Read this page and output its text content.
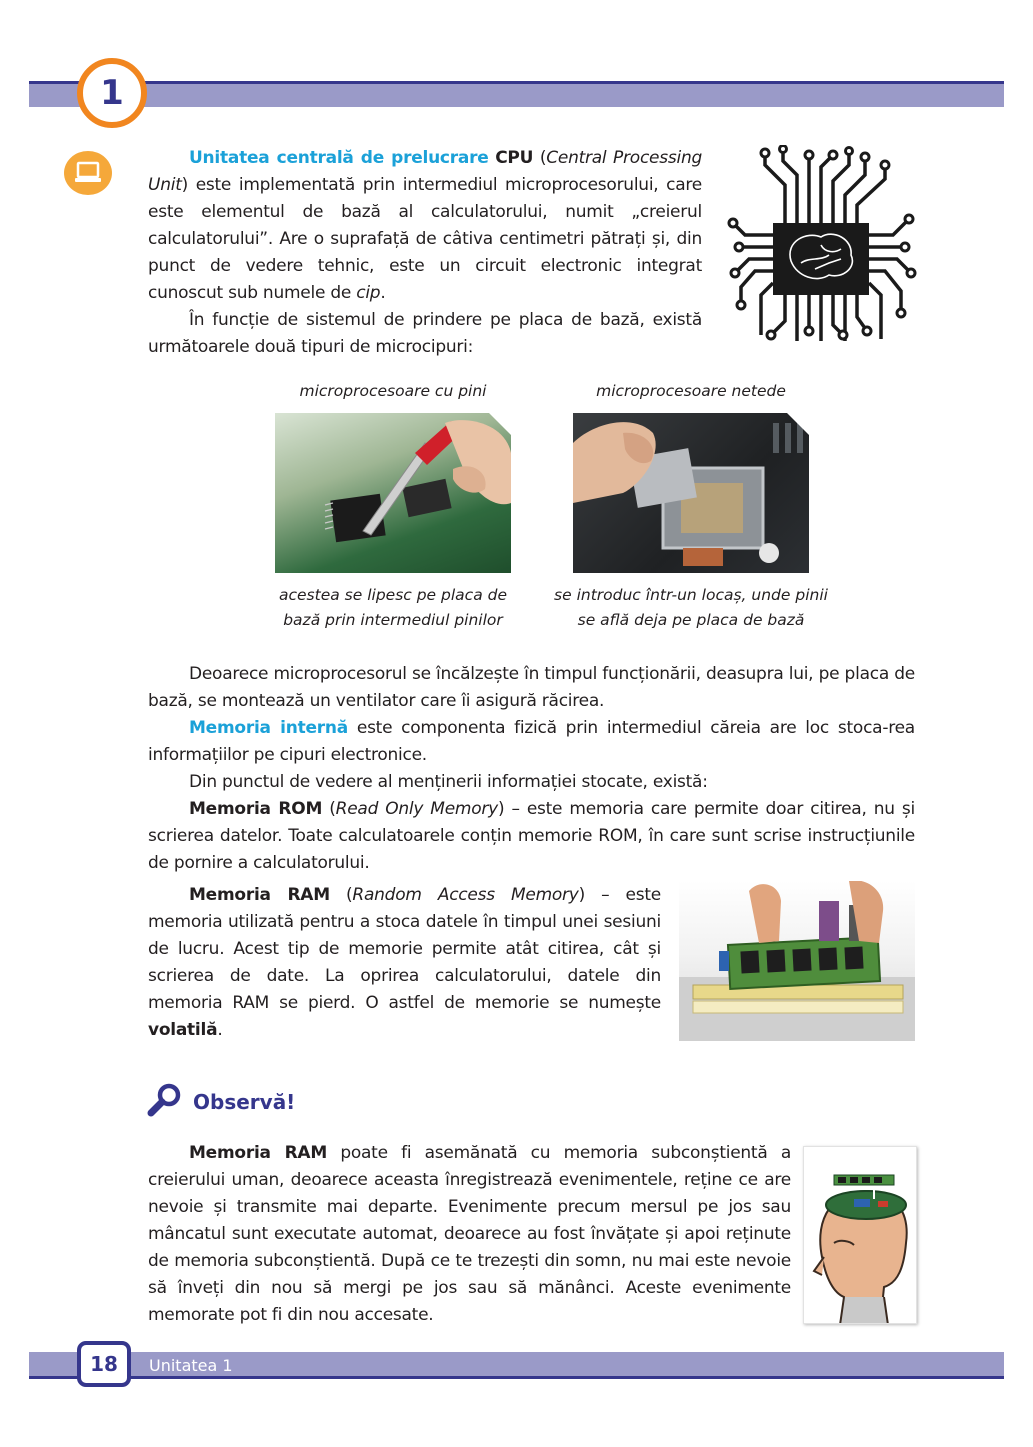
1
Unitatea centrală de prelucrare CPU (Central Processing Unit) este implementată prin intermediul microprocesorului, care este elementul de bază al calculatorului, numit „creierul calculatorului”. Are o suprafață de câtiva centimetri pătrați și, din punct de vedere tehnic, este un circuit electronic integrat cunoscut sub numele de cip.
În funcție de sistemul de prindere pe placa de bază, există următoarele două tipuri de microcipuri:
microprocesoare cu pini	microprocesoare netede
acestea se lipesc pe placa de
bază prin intermediul pinilor
se introduc într-un locaș, unde pinii
se află deja pe placa de bază
Deoarece microprocesorul se încălzește în timpul funcționării, deasupra lui, pe placa de bază, se montează un ventilator care îi asigură răcirea.
Memoria internă este componenta fizică prin intermediul căreia are loc stoca-rea informațiilor pe cipuri electronice.
Din punctul de vedere al menținerii informației stocate, există:
Memoria ROM (Read Only Memory) – este memoria care permite doar citirea, nu și scrierea datelor. Toate calculatoarele conțin memorie ROM, în care sunt scrise instrucțiunile de pornire a calculatorului.
Memoria RAM (Random Access Memory) – este memoria utilizată pentru a stoca datele în timpul unei sesiuni de lucru. Acest tip de memorie permite atât citirea, cât și scrierea de date. La oprirea calculatorului, datele din memoria RAM se pierd. O astfel de memorie se numește volatilă.
Observă!
Memoria RAM poate fi asemănată cu memoria subconștientă a creierului uman, deoarece aceasta înregistrează evenimentele, reține ce are nevoie și transmite mai departe. Evenimente precum mersul pe jos sau mâncatul sunt executate automat, deoarece au fost învățate și apoi reținute de memoria subconștientă. După ce te trezești din somn, nu mai este nevoie să înveți din nou să mergi pe jos sau să mănânci. Aceste evenimente memorate pot fi din nou accesate.
18 Unitatea 1
